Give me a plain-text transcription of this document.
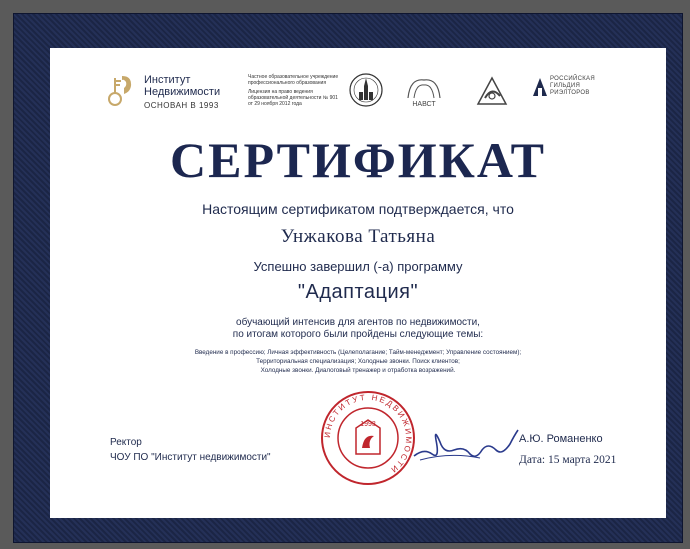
Институт
Недвижимости
ОСНОВАН В 1993
Частное образовательное учреждение профессионального образования
Лицензия на право ведения образовательной деятельности № 901 от 29 ноября 2012 года	НАВСТ
РОССИЙСКАЯ
ГИЛЬДИЯ
РИЭЛТОРОВ
СЕРТИФИКАТ
Настоящим сертификатом подтверждается, что
Унжакова Татьяна
Успешно завершил (-а) программу
"Адаптация"
обучающий интенсив для агентов по недвижимости,
по итогам которого были пройдены следующие темы:
Введение в профессию; Личная эффективность (Целеполагание; Тайм-менеджмент; Управление состоянием);
Территориальная специализация; Холодные звонки. Поиск клиентов;
Холодные звонки. Диалоговый тренажер и отработка возражений.
Ректор
ЧОУ ПО "Институт недвижимости"
ИНСТИТУТ НЕДВИЖИМОСТИ
1993
А.Ю. Романенко
Дата: 15 марта 2021
